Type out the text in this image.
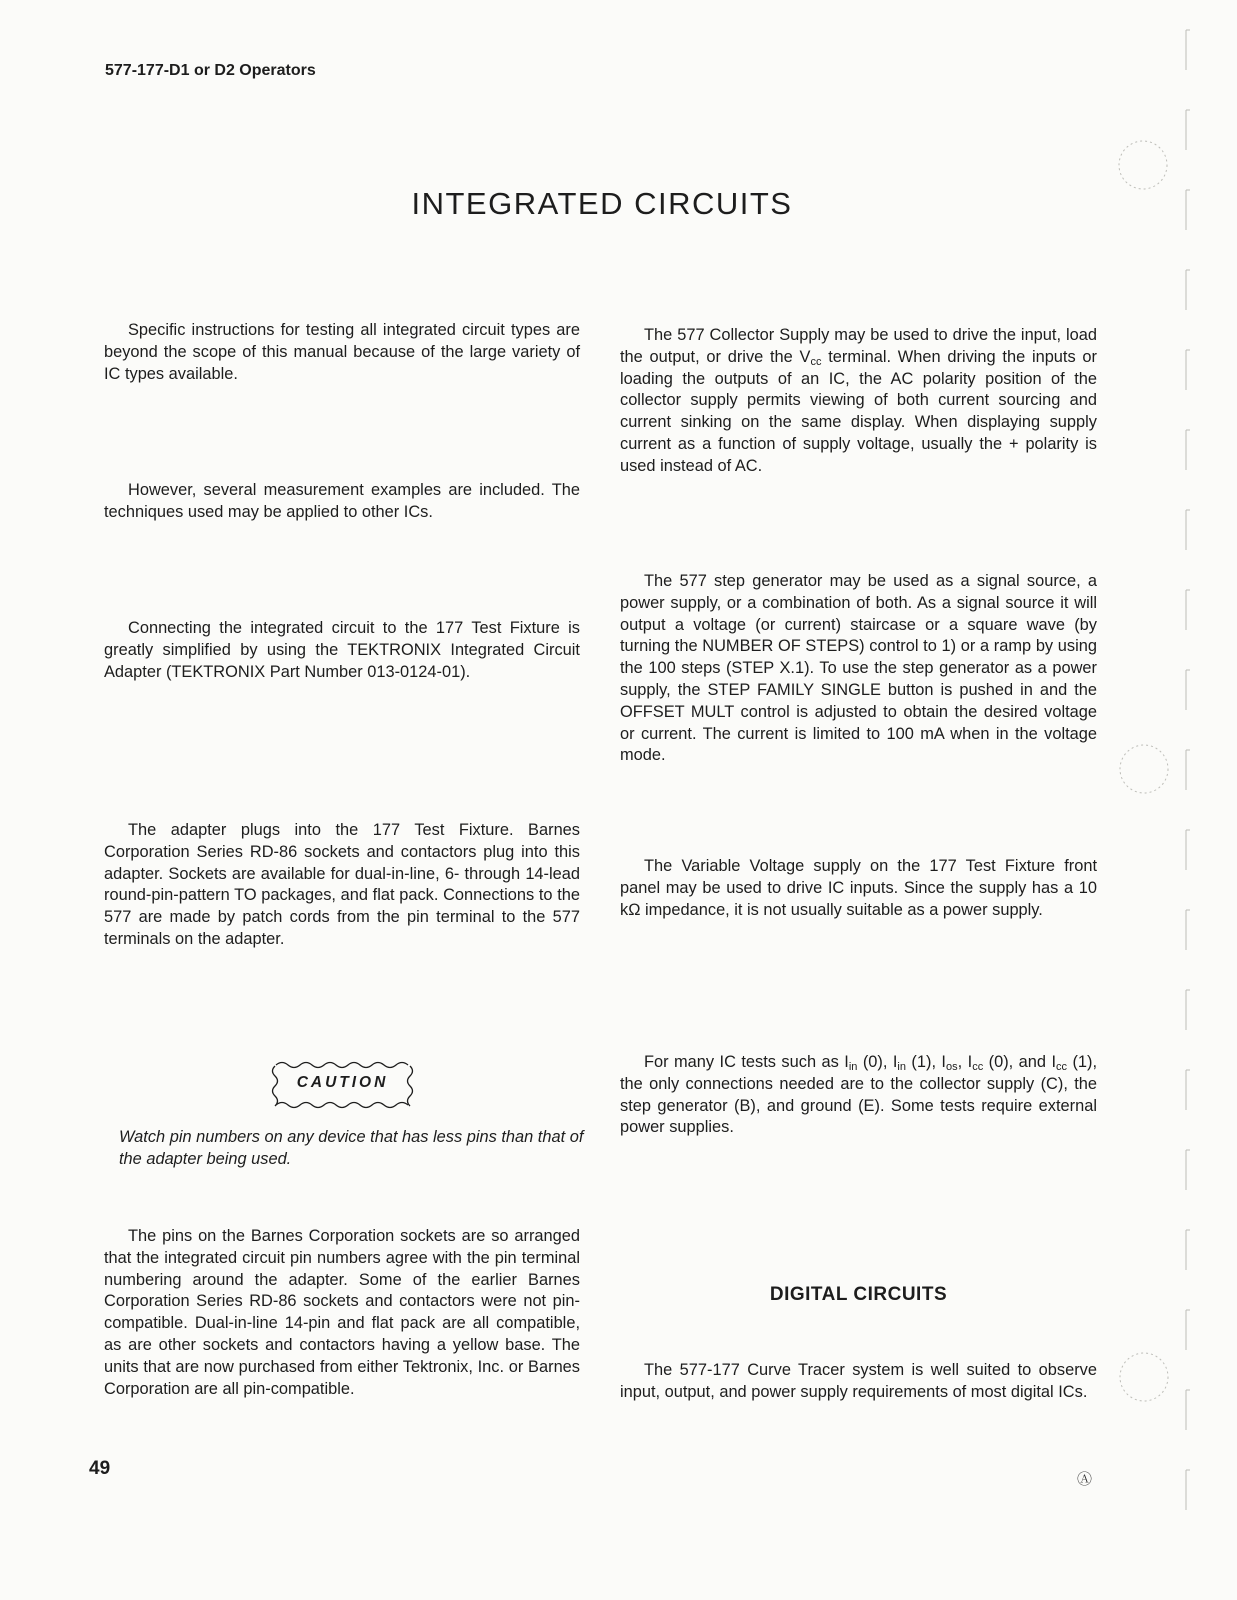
577-177-D1 or D2 Operators
INTEGRATED CIRCUITS

Specific instructions for testing all integrated circuit types are beyond the scope of this manual because of the large variety of IC types available.

However, several measurement examples are included. The techniques used may be applied to other ICs.

Connecting the integrated circuit to the 177 Test Fixture is greatly simplified by using the TEKTRONIX Integrated Circuit Adapter (TEKTRONIX Part Number 013-0124-01).

The adapter plugs into the 177 Test Fixture. Barnes Corporation Series RD-86 sockets and contactors plug into this adapter. Sockets are available for dual-in-line, 6- through 14-lead round-pin-pattern TO packages, and flat pack. Connections to the 577 are made by patch cords from the pin terminal to the 577 terminals on the adapter.

CAUTION

Watch pin numbers on any device that has less pins than that of the adapter being used.

The pins on the Barnes Corporation sockets are so arranged that the integrated circuit pin numbers agree with the pin terminal numbering around the adapter. Some of the earlier Barnes Corporation Series RD-86 sockets and contactors were not pin-compatible. Dual-in-line 14-pin and flat pack are all compatible, as are other sockets and contactors having a yellow base. The units that are now purchased from either Tektronix, Inc. or Barnes Corporation are all pin-compatible.

The 577 Collector Supply may be used to drive the input, load the output, or drive the $V_{cc}$ terminal. When driving the inputs or loading the outputs of an IC, the AC polarity position of the collector supply permits viewing of both current sourcing and current sinking on the same display. When displaying supply current as a function of supply voltage, usually the + polarity is used instead of AC.

The 577 step generator may be used as a signal source, a power supply, or a combination of both. As a signal source it will output a voltage (or current) staircase or a square wave (by turning the NUMBER OF STEPS) control to 1) or a ramp by using the 100 steps (STEP X.1). To use the step generator as a power supply, the STEP FAMILY SINGLE button is pushed in and the OFFSET MULT control is adjusted to obtain the desired voltage or current. The current is limited to 100 mA when in the voltage mode.

The Variable Voltage supply on the 177 Test Fixture front panel may be used to drive IC inputs. Since the supply has a 10 kΩ impedance, it is not usually suitable as a power supply.

For many IC tests such as $I_{in}$ (0), $I_{in}$ (1), $I_{os}$, $I_{cc}$ (0), and $I_{cc}$ (1), the only connections needed are to the collector supply (C), the step generator (B), and ground (E). Some tests require external power supplies.

DIGITAL CIRCUITS

The 577-177 Curve Tracer system is well suited to observe input, output, and power supply requirements of most digital ICs.

49
Ⓐ
